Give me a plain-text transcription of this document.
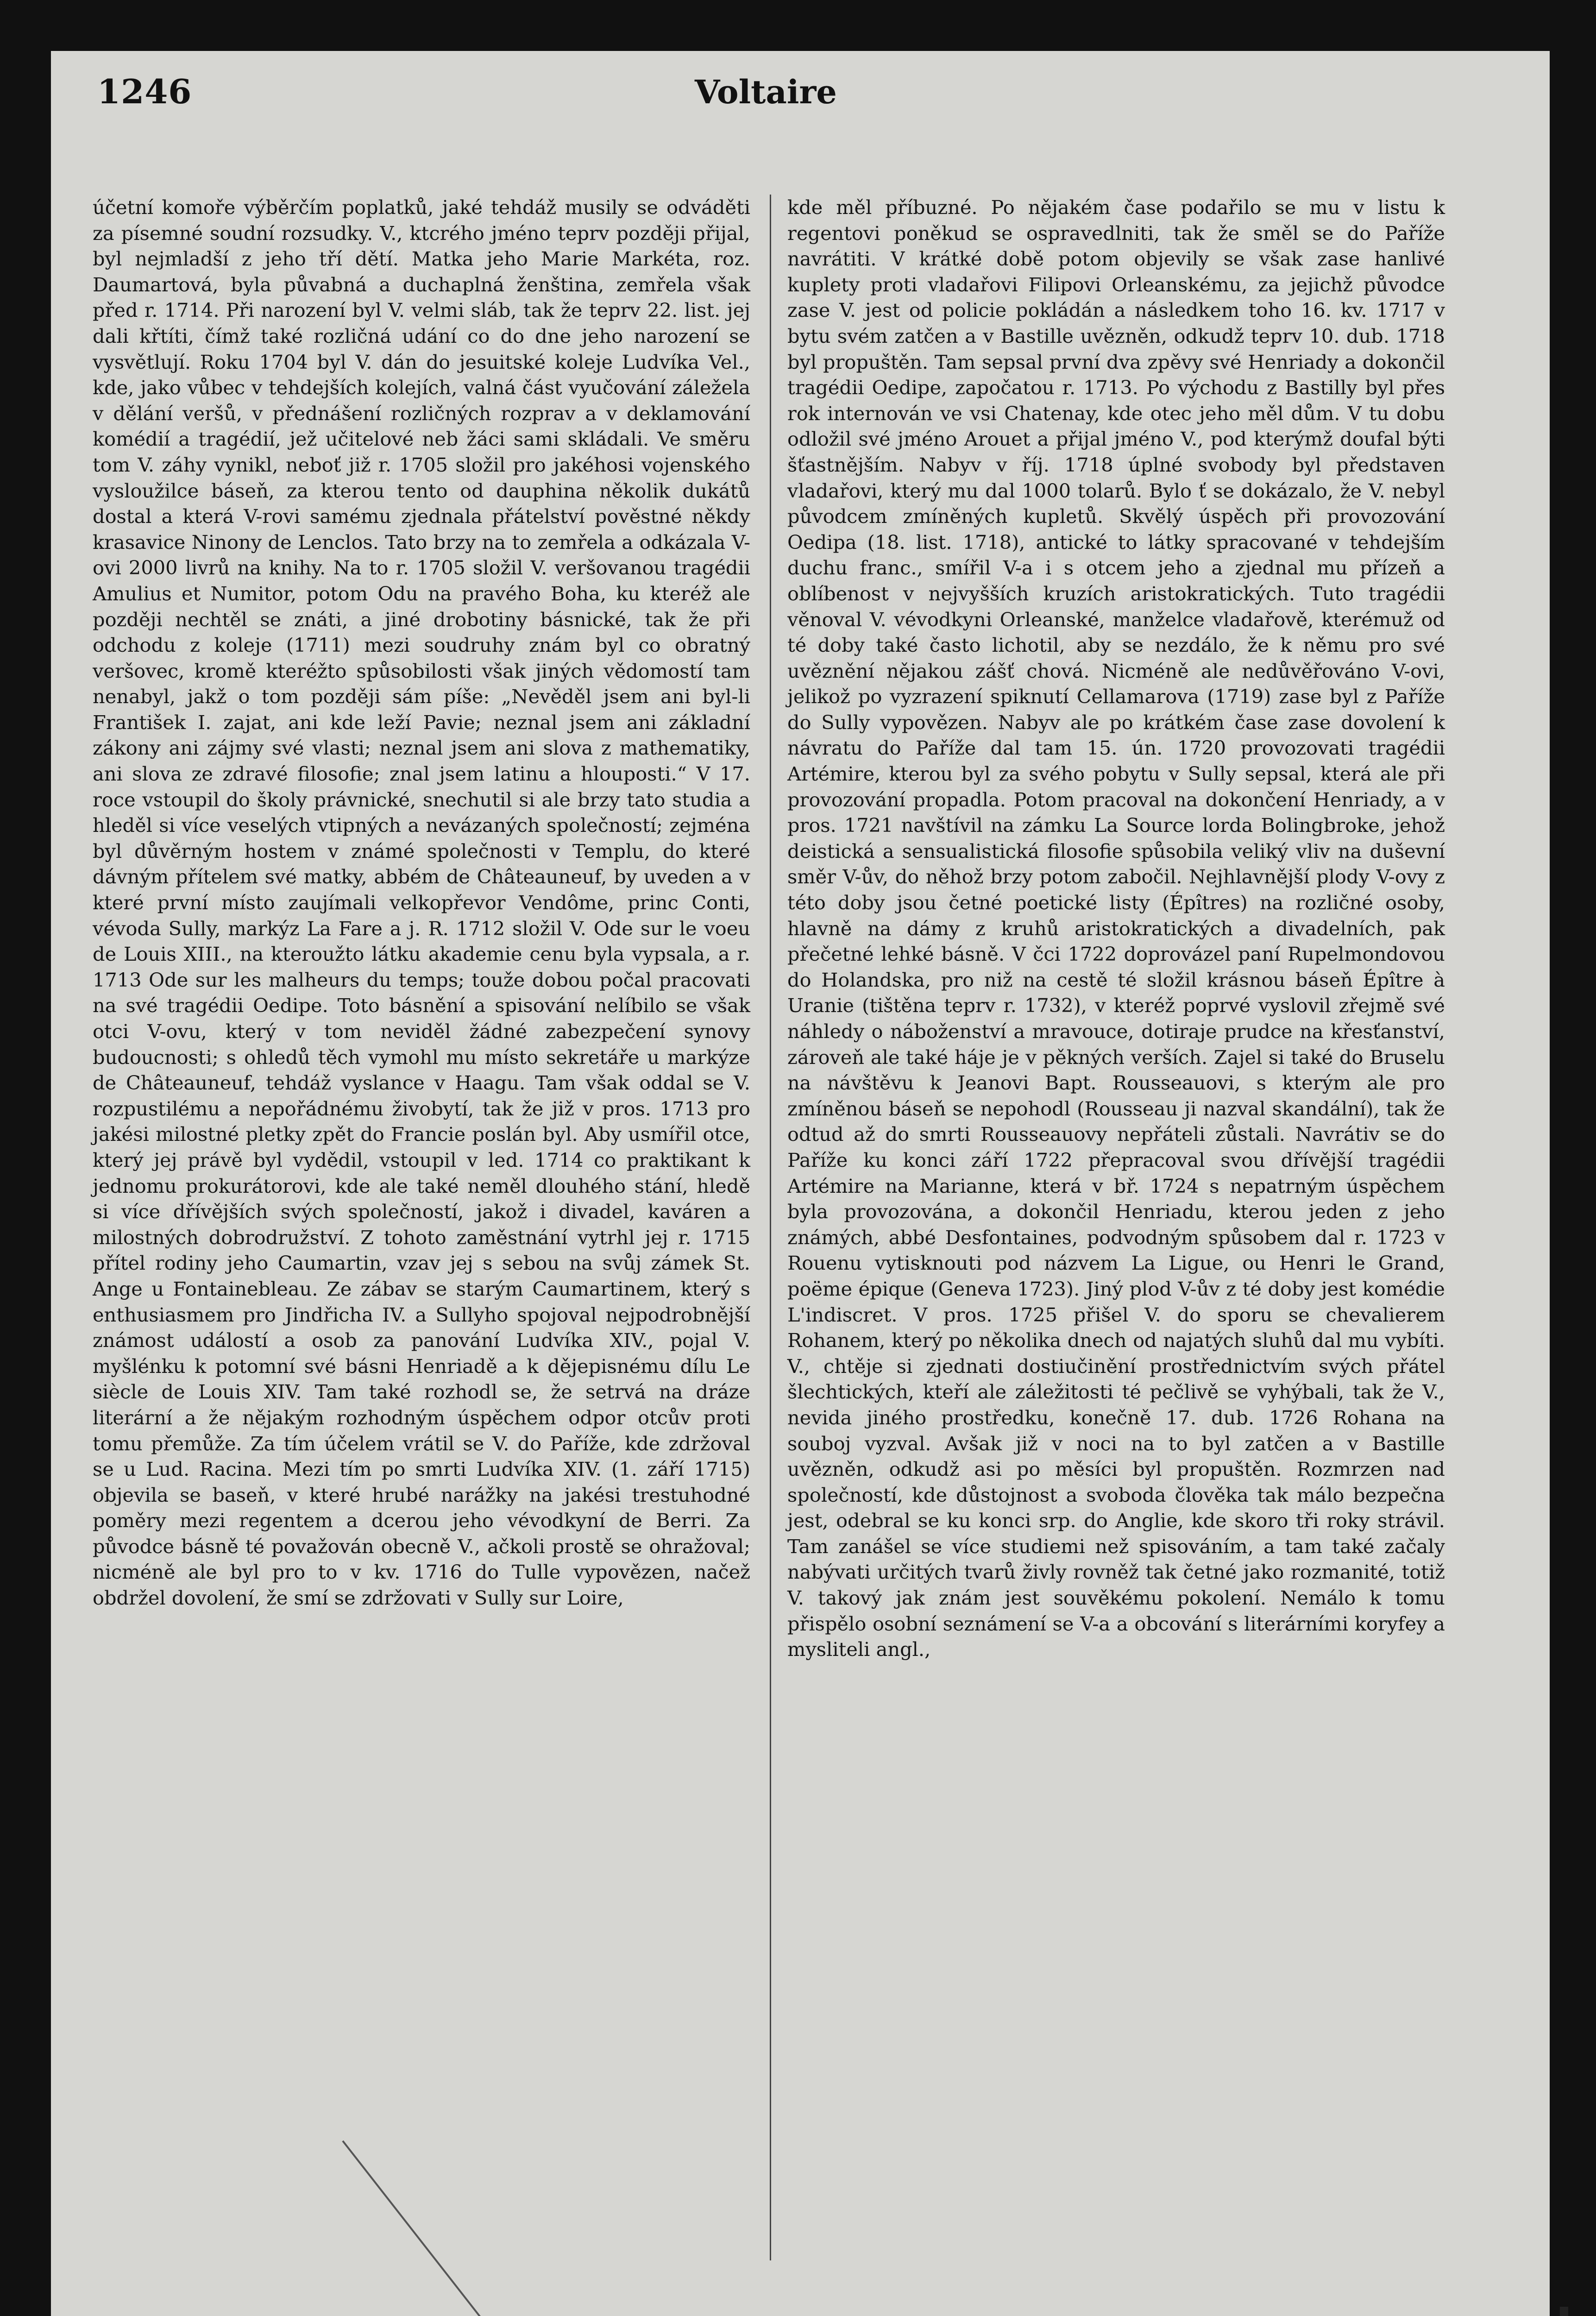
1246	Voltaire

účetní komoře výběrčím poplatků, jaké tehdáž musily se odváděti za písemné soudní rozsudky. V., ktcrého jméno teprv později přijal, byl nejmladší z jeho tří dětí. Matka jeho Marie Markéta, roz. Daumartová, byla půvabná a duchaplná ženština, zemřela však před r. 1714. Při narození byl V. velmi sláb, tak že teprv 22. list. jej dali křtíti, čímž také rozličná udání co do dne jeho narození se vysvětlují. Roku 1704 byl V. dán do jesuitské koleje Ludvíka Vel., kde, jako vůbec v tehdejších kolejích, valná část vyučování záležela v dělání veršů, v přednášení rozličných rozprav a v deklamování komédií a tragédií, jež učitelové neb žáci sami skládali. Ve směru tom V. záhy vynikl, neboť již r. 1705 složil pro jakéhosi vojenského vysloužilce báseň, za kterou tento od dauphina několik dukátů dostal a která V-rovi samému zjednala přátelství pověstné někdy krasavice Ninony de Lenclos. Tato brzy na to zemřela a odkázala V-ovi 2000 livrů na knihy. Na to r. 1705 složil V. veršovanou tragédii Amulius et Numitor, potom Odu na pravého Boha, ku kteréž ale později nechtěl se znáti, a jiné drobotiny básnické, tak že při odchodu z koleje (1711) mezi soudruhy znám byl co obratný veršovec, kromě kteréžto spůsobilosti však jiných vědomostí tam nenabyl, jakž o tom později sám píše: „Nevěděl jsem ani byl-li František I. zajat, ani kde leží Pavie; neznal jsem ani základní zákony ani zájmy své vlasti; neznal jsem ani slova z mathematiky, ani slova ze zdravé filosofie; znal jsem latinu a hlouposti.“ V 17. roce vstoupil do školy právnické, snechutil si ale brzy tato studia a hleděl si více veselých vtipných a nevázaných společností; zejména byl důvěrným hostem v známé společnosti v Templu, do které dávným přítelem své matky, abbém de Châteauneuf, by uveden a v které první místo zaujímali velkopřevor Vendôme, princ Conti, vévoda Sully, markýz La Fare a j. R. 1712 složil V. Ode sur le voeu de Louis XIII., na kteroužto látku akademie cenu byla vypsala, a r. 1713 Ode sur les malheurs du temps; touže dobou počal pracovati na své tragédii Oedipe. Toto básnění a spisování nelíbilo se však otci V-ovu, který v tom neviděl žádné zabezpečení synovy budoucnosti; s ohledů těch vymohl mu místo sekretáře u markýze de Châteauneuf, tehdáž vyslance v Haagu. Tam však oddal se V. rozpustilému a nepořádnému živobytí, tak že již v pros. 1713 pro jakési milostné pletky zpět do Francie poslán byl. Aby usmířil otce, který jej právě byl vydědil, vstoupil v led. 1714 co praktikant k jednomu prokurátorovi, kde ale také neměl dlouhého stání, hledě si více dřívějších svých společností, jakož i divadel, kaváren a milostných dobrodružství. Z tohoto zaměstnání vytrhl jej r. 1715 přítel rodiny jeho Caumartin, vzav jej s sebou na svůj zámek St. Ange u Fontainebleau. Ze zábav se starým Caumartinem, který s enthusiasmem pro Jindřicha IV. a Sullyho spojoval nejpodrobnější známost událostí a osob za panování Ludvíka XIV., pojal V. myšlénku k potomní své básni Henriadě a k dějepisnému dílu Le siècle de Louis XIV. Tam také rozhodl se, že setrvá na dráze literární a že nějakým rozhodným úspěchem odpor otcův proti tomu přemůže. Za tím účelem vrátil se V. do Paříže, kde zdržoval se u Lud. Racina. Mezi tím po smrti Ludvíka XIV. (1. září 1715) objevila se baseň, v které hrubé narážky na jakési trestuhodné poměry mezi regentem a dcerou jeho vévodkyní de Berri. Za původce básně té považován obecně V., ačkoli prostě se ohražoval; nicméně ale byl pro to v kv. 1716 do Tulle vypovězen, načež obdržel dovolení, že smí se zdržovati v Sully sur Loire,

kde měl příbuzné. Po nějakém čase podařilo se mu v listu k regentovi poněkud se ospravedlniti, tak že směl se do Paříže navrátiti. V krátké době potom objevily se však zase hanlivé kuplety proti vladařovi Filipovi Orleanskému, za jejichž původce zase V. jest od policie pokládán a následkem toho 16. kv. 1717 v bytu svém zatčen a v Bastille uvězněn, odkudž teprv 10. dub. 1718 byl propuštěn. Tam sepsal první dva zpěvy své Henriady a dokončil tragédii Oedipe, započatou r. 1713. Po východu z Bastilly byl přes rok internován ve vsi Chatenay, kde otec jeho měl dům. V tu dobu odložil své jméno Arouet a přijal jméno V., pod kterýmž doufal býti šťastnějším. Nabyv v říj. 1718 úplné svobody byl představen vladařovi, který mu dal 1000 tolarů. Bylo ť se dokázalo, že V. nebyl původcem zmíněných kupletů. Skvělý úspěch při provozování Oedipa (18. list. 1718), antické to látky spracované v tehdejším duchu franc., smířil V-a i s otcem jeho a zjednal mu přízeň a oblíbenost v nejvyšších kruzích aristokratických. Tuto tragédii věnoval V. vévodkyni Orleanské, manželce vladařově, kterémuž od té doby také často lichotil, aby se nezdálo, že k němu pro své uvěznění nějakou zášť chová. Nicméně ale nedůvěřováno V-ovi, jelikož po vyzrazení spiknutí Cellamarova (1719) zase byl z Paříže do Sully vypovězen. Nabyv ale po krátkém čase zase dovolení k návratu do Paříže dal tam 15. ún. 1720 provozovati tragédii Artémire, kterou byl za svého pobytu v Sully sepsal, která ale při provozování propadla. Potom pracoval na dokončení Henriady, a v pros. 1721 navštívil na zámku La Source lorda Bolingbroke, jehož deistická a sensualistická filosofie spůsobila veliký vliv na duševní směr V-ův, do něhož brzy potom zabočil. Nejhlavnější plody V-ovy z této doby jsou četné poetické listy (Épîtres) na rozličné osoby, hlavně na dámy z kruhů aristokratických a divadelních, pak přečetné lehké básně. V čci 1722 doprovázel paní Rupelmondovou do Holandska, pro niž na cestě té složil krásnou báseň Épître à Uranie (tištěna teprv r. 1732), v kteréž poprvé vyslovil zřejmě své náhledy o náboženství a mravouce, dotiraje prudce na křesťanství, zároveň ale také háje je v pěkných verších. Zajel si také do Bruselu na návštěvu k Jeanovi Bapt. Rousseauovi, s kterým ale pro zmíněnou báseň se nepohodl (Rousseau ji nazval skandální), tak že odtud až do smrti Rousseauovy nepřáteli zůstali. Navrátiv se do Paříže ku konci září 1722 přepracoval svou dřívější tragédii Artémire na Marianne, která v bř. 1724 s nepatrným úspěchem byla provozována, a dokončil Henriadu, kterou jeden z jeho známých, abbé Desfontaines, podvodným spůsobem dal r. 1723 v Rouenu vytisknouti pod názvem La Ligue, ou Henri le Grand, poëme épique (Geneva 1723). Jiný plod V-ův z té doby jest komédie L'indiscret. V pros. 1725 přišel V. do sporu se chevalierem Rohanem, který po několika dnech od najatých sluhů dal mu vybíti. V., chtěje si zjednati dostiučinění prostřednictvím svých přátel šlechtických, kteří ale záležitosti té pečlivě se vyhýbali, tak že V., nevida jiného prostředku, konečně 17. dub. 1726 Rohana na souboj vyzval. Avšak již v noci na to byl zatčen a v Bastille uvězněn, odkudž asi po měsíci byl propuštěn. Rozmrzen nad společností, kde důstojnost a svoboda člověka tak málo bezpečna jest, odebral se ku konci srp. do Anglie, kde skoro tři roky strávil. Tam zanášel se více studiemi než spisováním, a tam také začaly nabývati určitých tvarů živly rovněž tak četné jako rozmanité, totiž V. takový jak znám jest souvěkému pokolení. Nemálo k tomu přispělo osobní seznámení se V-a a obcování s literárními koryfey a mysliteli angl.,
